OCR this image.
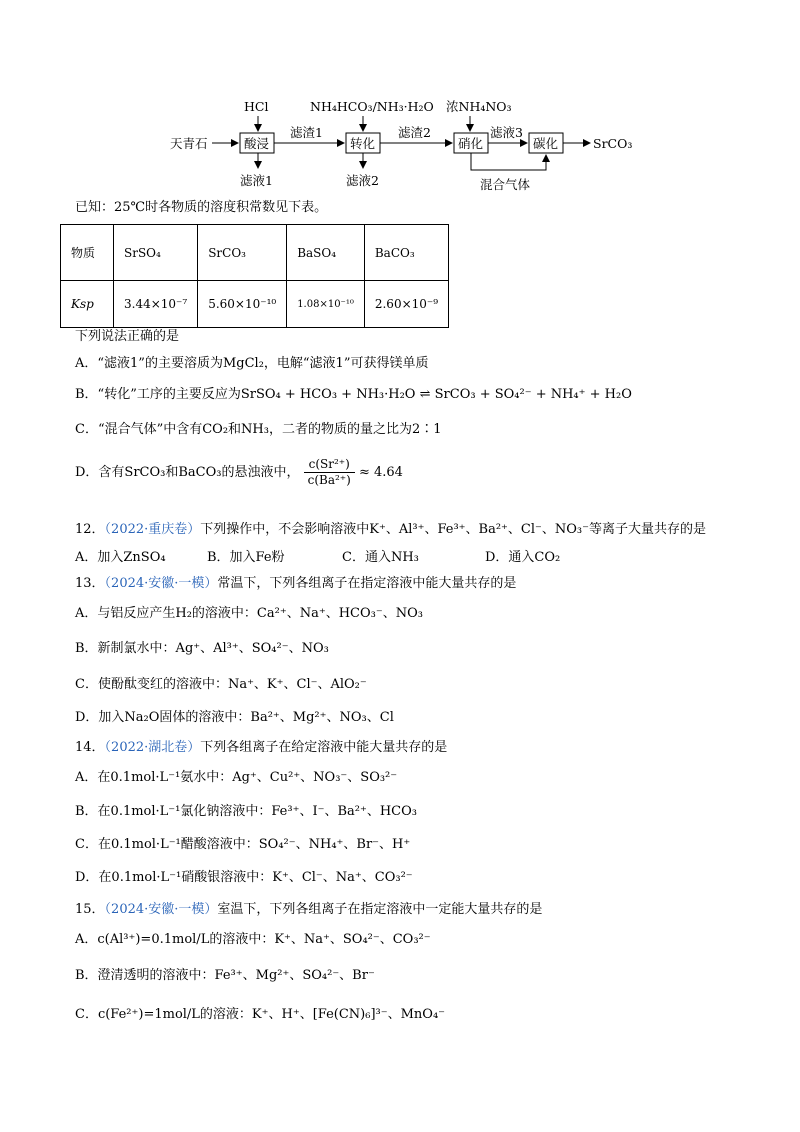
HCl	NH₄HCO₃/NH₃·H₂O 浓NH₄NO₃
天青石	酸浸
滤渣1
转化
滤渣2
硝化
滤液3
碳化	SrCO₃
滤液1	滤液2	混合气体
已知：25℃时各物质的溶度积常数见下表。
物质	SrSO₄	SrCO₃	BaSO₄	BaCO₃
Ksp	3.44×10⁻⁷	5.60×10⁻¹⁰	1.08×10⁻¹⁰	2.60×10⁻⁹
下列说法正确的是
A．“滤液1”的主要溶质为MgCl₂，电解“滤液1”可获得镁单质
B．“转化”工序的主要反应为SrSO₄ + HCO₃ + NH₃·H₂O ⇌ SrCO₃ + SO₄²⁻ + NH₄⁺ + H₂O
C．“混合气体”中含有CO₂和NH₃，二者的物质的量之比为2∶1
D．含有SrCO₃和BaCO₃的悬浊液中， $\frac{\text{c(Sr²⁺)}}{\text{c(Ba²⁺)}} \approx 4.64$
12．（2022·重庆卷）下列操作中，不会影响溶液中K⁺、Al³⁺、Fe³⁺、Ba²⁺、Cl⁻、NO₃⁻等离子大量共存的是
A．加入ZnSO₄	B．加入Fe粉	C．通入NH₃	D．通入CO₂
13．（2024·安徽·一模）常温下，下列各组离子在指定溶液中能大量共存的是
A．与铝反应产生H₂的溶液中：Ca²⁺、Na⁺、HCO₃⁻、NO₃
B．新制氯水中：Ag⁺、Al³⁺、SO₄²⁻、NO₃
C．使酚酞变红的溶液中：Na⁺、K⁺、Cl⁻、AlO₂⁻
D．加入Na₂O固体的溶液中：Ba²⁺、Mg²⁺、NO₃、Cl
14．（2022·湖北卷）下列各组离子在给定溶液中能大量共存的是
A．在0.1mol·L⁻¹氨水中：Ag⁺、Cu²⁺、NO₃⁻、SO₃²⁻
B．在0.1mol·L⁻¹氯化钠溶液中：Fe³⁺、I⁻、Ba²⁺、HCO₃
C．在0.1mol·L⁻¹醋酸溶液中：SO₄²⁻、NH₄⁺、Br⁻、H⁺
D．在0.1mol·L⁻¹硝酸银溶液中：K⁺、Cl⁻、Na⁺、CO₃²⁻
15．（2024·安徽·一模）室温下，下列各组离子在指定溶液中一定能大量共存的是
A．c(Al³⁺)=0.1mol/L的溶液中：K⁺、Na⁺、SO₄²⁻、CO₃²⁻
B．澄清透明的溶液中：Fe³⁺、Mg²⁺、SO₄²⁻、Br⁻
C．c(Fe²⁺)=1mol/L的溶液：K⁺、H⁺、[Fe(CN)₆]³⁻、MnO₄⁻
